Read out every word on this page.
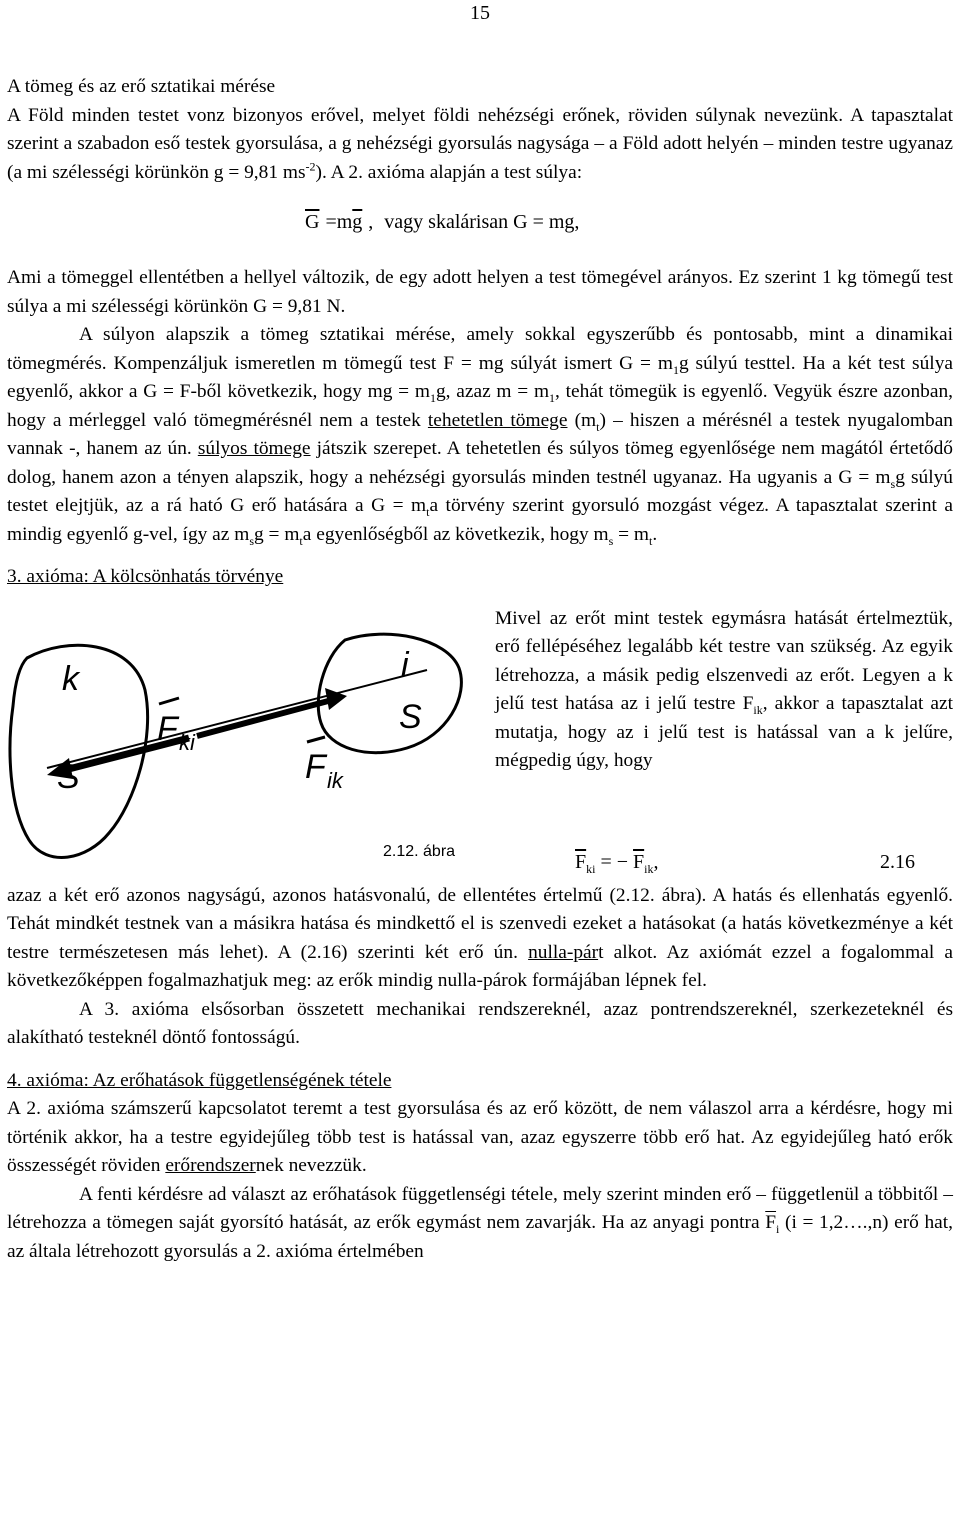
15

A tömeg és az erő sztatikai mérése

A Föld minden testet vonz bizonyos erővel, melyet földi nehézségi erőnek, röviden súlynak nevezünk. A tapasztalat szerint a szabadon eső testek gyorsulása, a g nehézségi gyorsulás nagysága – a Föld adott helyén – minden testre ugyanaz (a mi szélességi körünkön g = 9,81 $ms^{-2}$). A 2. axióma alapján a test súlya:

$\overline{G} =m\overline{g}$ , vagy skalárisan G = mg,

Ami a tömeggel ellentétben a hellyel változik, de egy adott helyen a test tömegével arányos. Ez szerint 1 kg tömegű test súlya a mi szélességi körünkön G = 9,81 N.

A súlyon alapszik a tömeg sztatikai mérése, amely sokkal egyszerűbb és pontosabb, mint a dinamikai tömegmérés. Kompenzáljuk ismeretlen m tömegű test F = mg súlyát ismert $G = m_1g$ súlyú testtel. Ha a két test súlya egyenlő, akkor a G = F-ből következik, hogy mg = $m_1g$, azaz $m = m_1$, tehát tömegük is egyenlő. Vegyük észre azonban, hogy a mérleggel való tömegmérésnél nem a testek tehetetlen tömege $(m_t)$ – hiszen a mérésnél a testek nyugalomban vannak -, hanem az ún. súlyos tömege játszik szerepet. A tehetetlen és súlyos tömeg egyenlősége nem magától értetődő dolog, hanem azon a tényen alapszik, hogy a nehézségi gyorsulás minden testnél ugyanaz. Ha ugyanis a $G = m_sg$ súlyú testet elejtjük, az a rá ható G erő hatására a $G = m_ta$ törvény szerint gyorsuló mozgást végez. A tapasztalat szerint a mindig egyenlő g-vel, így az $m_sg = m_ta$ egyenlőségből az következik, hogy $m_s = m_t$.

3. axióma: A kölcsönhatás törvénye

k
S
i
S
F ki
F ik
2.12. ábra

Mivel az erőt mint testek egymásra hatását értelmeztük, erő fellépéséhez legalább két testre van szükség. Az egyik létrehozza, a másik pedig elszenvedi az erőt. Legyen a k jelű test hatása az i jelű testre $F_{ik}$, akkor a tapasztalat azt mutatja, hogy az i jelű test is hatással van a k jelűre, mégpedig úgy, hogy

$\overline{F}_{ki}$ = − $\overline{F}_{ik}$,	2.16

azaz a két erő azonos nagyságú, azonos hatásvonalú, de ellentétes értelmű (2.12. ábra). A hatás és ellenhatás egyenlő. Tehát mindkét testnek van a másikra hatása és mindkettő el is szenvedi ezeket a hatásokat (a hatás következménye a két testre természetesen más lehet). A (2.16) szerinti két erő ún. nulla-párt alkot. Az axiómát ezzel a fogalommal a következőképpen fogalmazhatjuk meg: az erők mindig nulla-párok formájában lépnek fel.

A 3. axióma elsősorban összetett mechanikai rendszereknél, azaz pontrendszereknél, szerkezeteknél és alakítható testeknél döntő fontosságú.

4. axióma: Az erőhatások függetlenségének tétele

A 2. axióma számszerű kapcsolatot teremt a test gyorsulása és az erő között, de nem válaszol arra a kérdésre, hogy mi történik akkor, ha a testre egyidejűleg több test is hatással van, azaz egyszerre több erő hat. Az egyidejűleg ható erők összességét röviden erőrendszernek nevezzük.

A fenti kérdésre ad választ az erőhatások függetlenségi tétele, mely szerint minden erő – függetlenül a többitől – létrehozza a tömegen saját gyorsító hatását, az erők egymást nem zavarják. Ha az anyagi pontra $\overline{F}_i$ (i = 1,2….,n) erő hat, az általa létrehozott gyorsulás a 2. axióma értelmében
